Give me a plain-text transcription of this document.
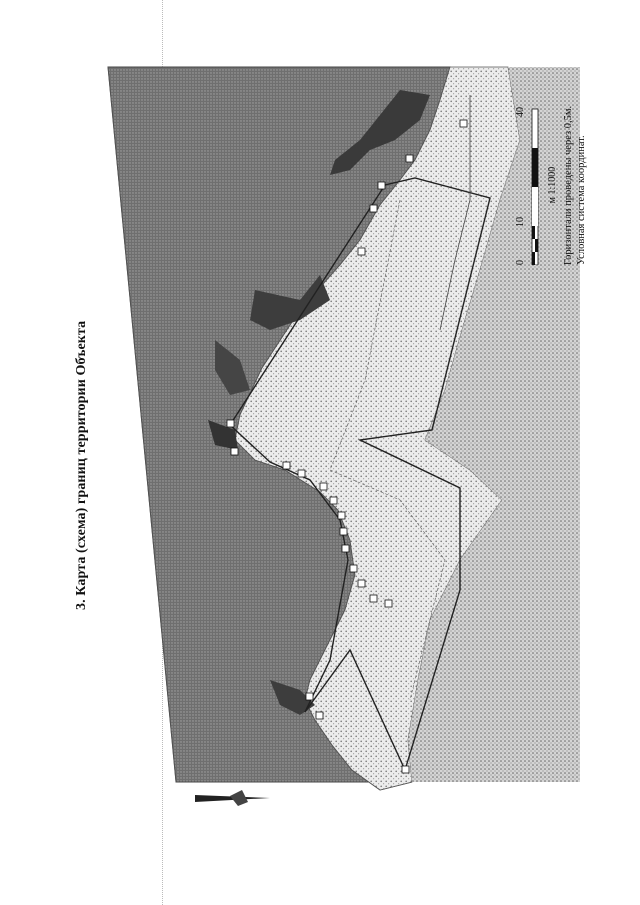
3. Карта (схема) границ территории Объекта
0
10
40
м 1:1000 Горизонтали проведены через 0,5м. Условная система координат.
